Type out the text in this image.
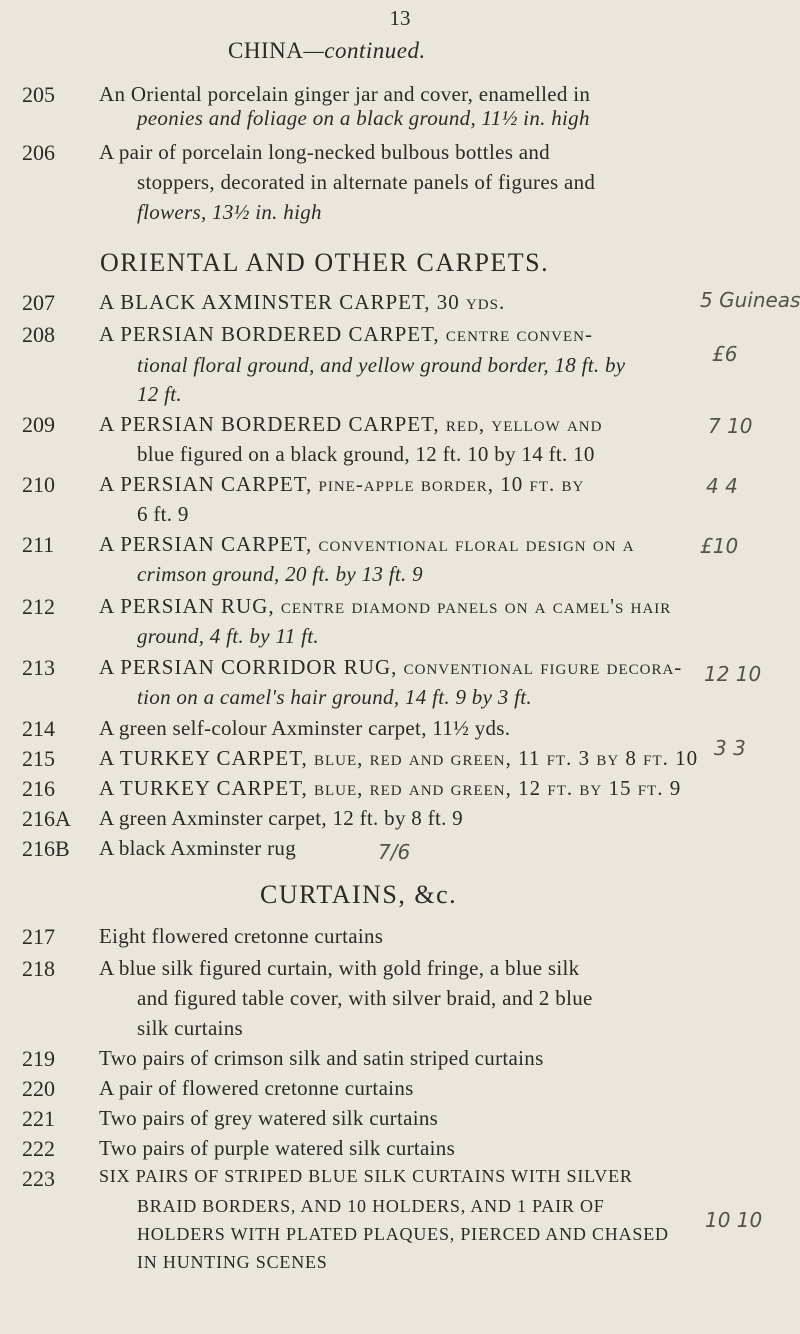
13
CHINA—continued.
205 An Oriental porcelain ginger jar and cover, enamelled in
peonies and foliage on a black ground, 11½ in. high
206 A pair of porcelain long-necked bulbous bottles and
stoppers, decorated in alternate panels of figures and
flowers, 13½ in. high
ORIENTAL AND OTHER CARPETS.
207 A BLACK AXMINSTER CARPET, 30 yds.
208 A PERSIAN BORDERED CARPET, centre conven-
tional floral ground, and yellow ground border, 18 ft. by
12 ft.
209 A PERSIAN BORDERED CARPET, red, yellow and
blue figured on a black ground, 12 ft. 10 by 14 ft. 10
210 A PERSIAN CARPET, pine-apple border, 10 ft. by
6 ft. 9
211 A PERSIAN CARPET, conventional floral design on a
crimson ground, 20 ft. by 13 ft. 9
212 A PERSIAN RUG, centre diamond panels on a camel's hair
ground, 4 ft. by 11 ft.
213 A PERSIAN CORRIDOR RUG, conventional figure decora-
tion on a camel's hair ground, 14 ft. 9 by 3 ft.
214 A green self-colour Axminster carpet, 11½ yds.
215 A TURKEY CARPET, blue, red and green, 11 ft. 3 by 8 ft. 10
216 A TURKEY CARPET, blue, red and green, 12 ft. by 15 ft. 9
216A A green Axminster carpet, 12 ft. by 8 ft. 9
216B A black Axminster rug
CURTAINS, &c.
217 Eight flowered cretonne curtains
218 A blue silk figured curtain, with gold fringe, a blue silk
and figured table cover, with silver braid, and 2 blue
silk curtains
219 Two pairs of crimson silk and satin striped curtains
220 A pair of flowered cretonne curtains
221 Two pairs of grey watered silk curtains
222 Two pairs of purple watered silk curtains
223 SIX PAIRS OF STRIPED BLUE SILK CURTAINS WITH SILVER
BRAID BORDERS, AND 10 HOLDERS, AND 1 PAIR OF
HOLDERS WITH PLATED PLAQUES, PIERCED AND CHASED
IN HUNTING SCENES
5 Guineas
£6
7 10
4 4
£10
12 10
3 3
7/6
10 10
